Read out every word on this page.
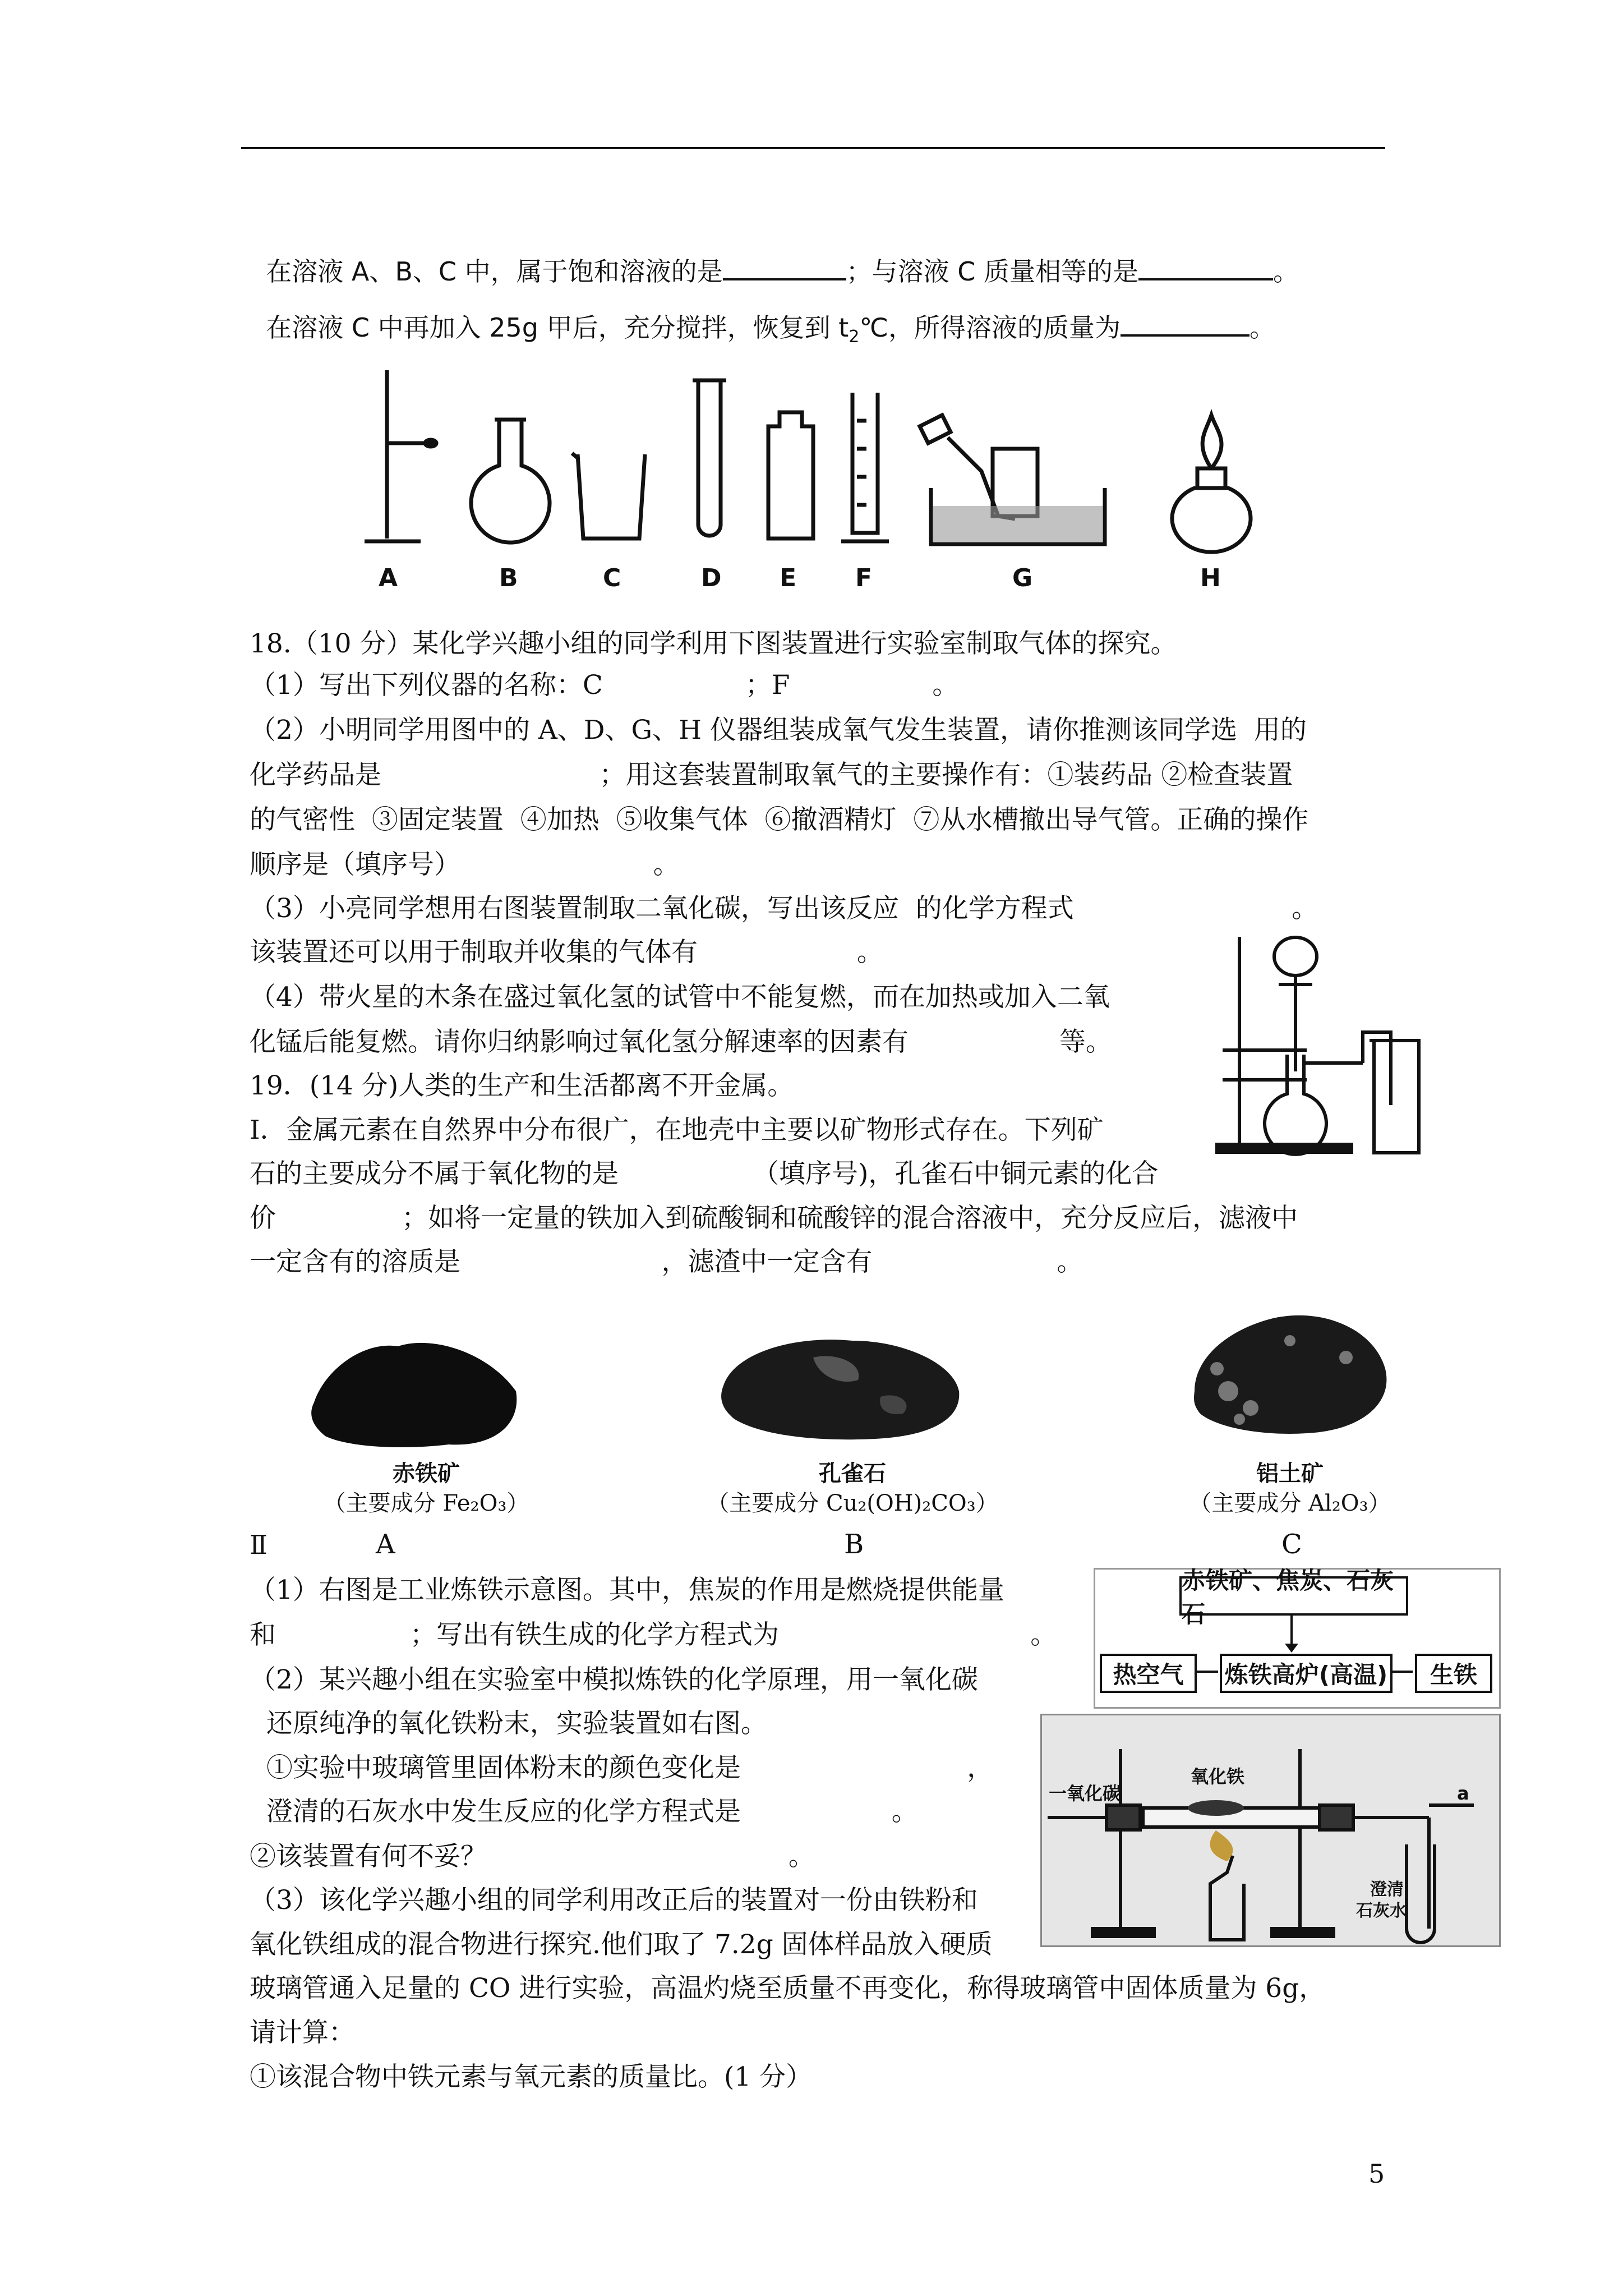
在溶液 A、B、C 中，属于饱和溶液的是	；与溶液 C 质量相等的是	。

在溶液 C 中再加入 25g 甲后，充分搅拌，恢复到 $t_2℃$，所得溶液的质量为	。

A	B	C	D E F	G	H
18.（10 分）某化学兴趣小组的同学利用下图装置进行实验室制取气体的探究。
（1）写出下列仪器的名称：C                 ；F                 。
（2）小明同学用图中的 A、D、G、H 仪器组装成氧气发生装置，请你推测该同学选  用的
化学药品是                          ；用这套装置制取氧气的主要操作有：①装药品 ②检查装置
的气密性  ③固定装置  ④加热  ⑤收集气体  ⑥撤酒精灯  ⑦从水槽撤出导气管。正确的操作
顺序是（填序号）                       。
（3）小亮同学想用右图装置制取二氧化碳，写出该反应  的化学方程式                          。
该装置还可以用于制取并收集的气体有                   。
（4）带火星的木条在盛过氧化氢的试管中不能复燃，而在加热或加入二氧
化锰后能复燃。请你归纳影响过氧化氢分解速率的因素有                  等。
19．(14 分)人类的生产和生活都离不开金属。
Ⅰ．金属元素在自然界中分布很广，在地壳中主要以矿物形式存在。下列矿
石的主要成分不属于氧化物的是                （填序号)，孔雀石中铜元素的化合
价               ；如将一定量的铁加入到硫酸铜和硫酸锌的混合溶液中，充分反应后，滤液中
一定含有的溶质是                        ，滤渣中一定含有                      。
赤铁矿
（主要成分 Fe₂O₃）
孔雀石
（主要成分 Cu₂(OH)₂CO₃）
铝土矿
（主要成分 Al₂O₃）
Ⅱ	A	B	C
（1）右图是工业炼铁示意图。其中，焦炭的作用是燃烧提供能量
和                ；写出有铁生成的化学方程式为                              。
（2）某兴趣小组在实验室中模拟炼铁的化学原理，用一氧化碳
还原纯净的氧化铁粉末，实验装置如右图。
①实验中玻璃管里固体粉末的颜色变化是                           ，
澄清的石灰水中发生反应的化学方程式是                  。
②该装置有何不妥？                                    。
（3）该化学兴趣小组的同学利用改正后的装置对一份由铁粉和
氧化铁组成的混合物进行探究.他们取了 7.2g 固体样品放入硬质
玻璃管通入足量的 CO 进行实验，高温灼烧至质量不再变化，称得玻璃管中固体质量为 6g，
请计算：
①该混合物中铁元素与氧元素的质量比。(1 分）
赤铁矿、焦炭、石灰石
热空气 炼铁高炉(高温) 生铁
一氧化碳
氧化铁
a
澄清石灰水
5
